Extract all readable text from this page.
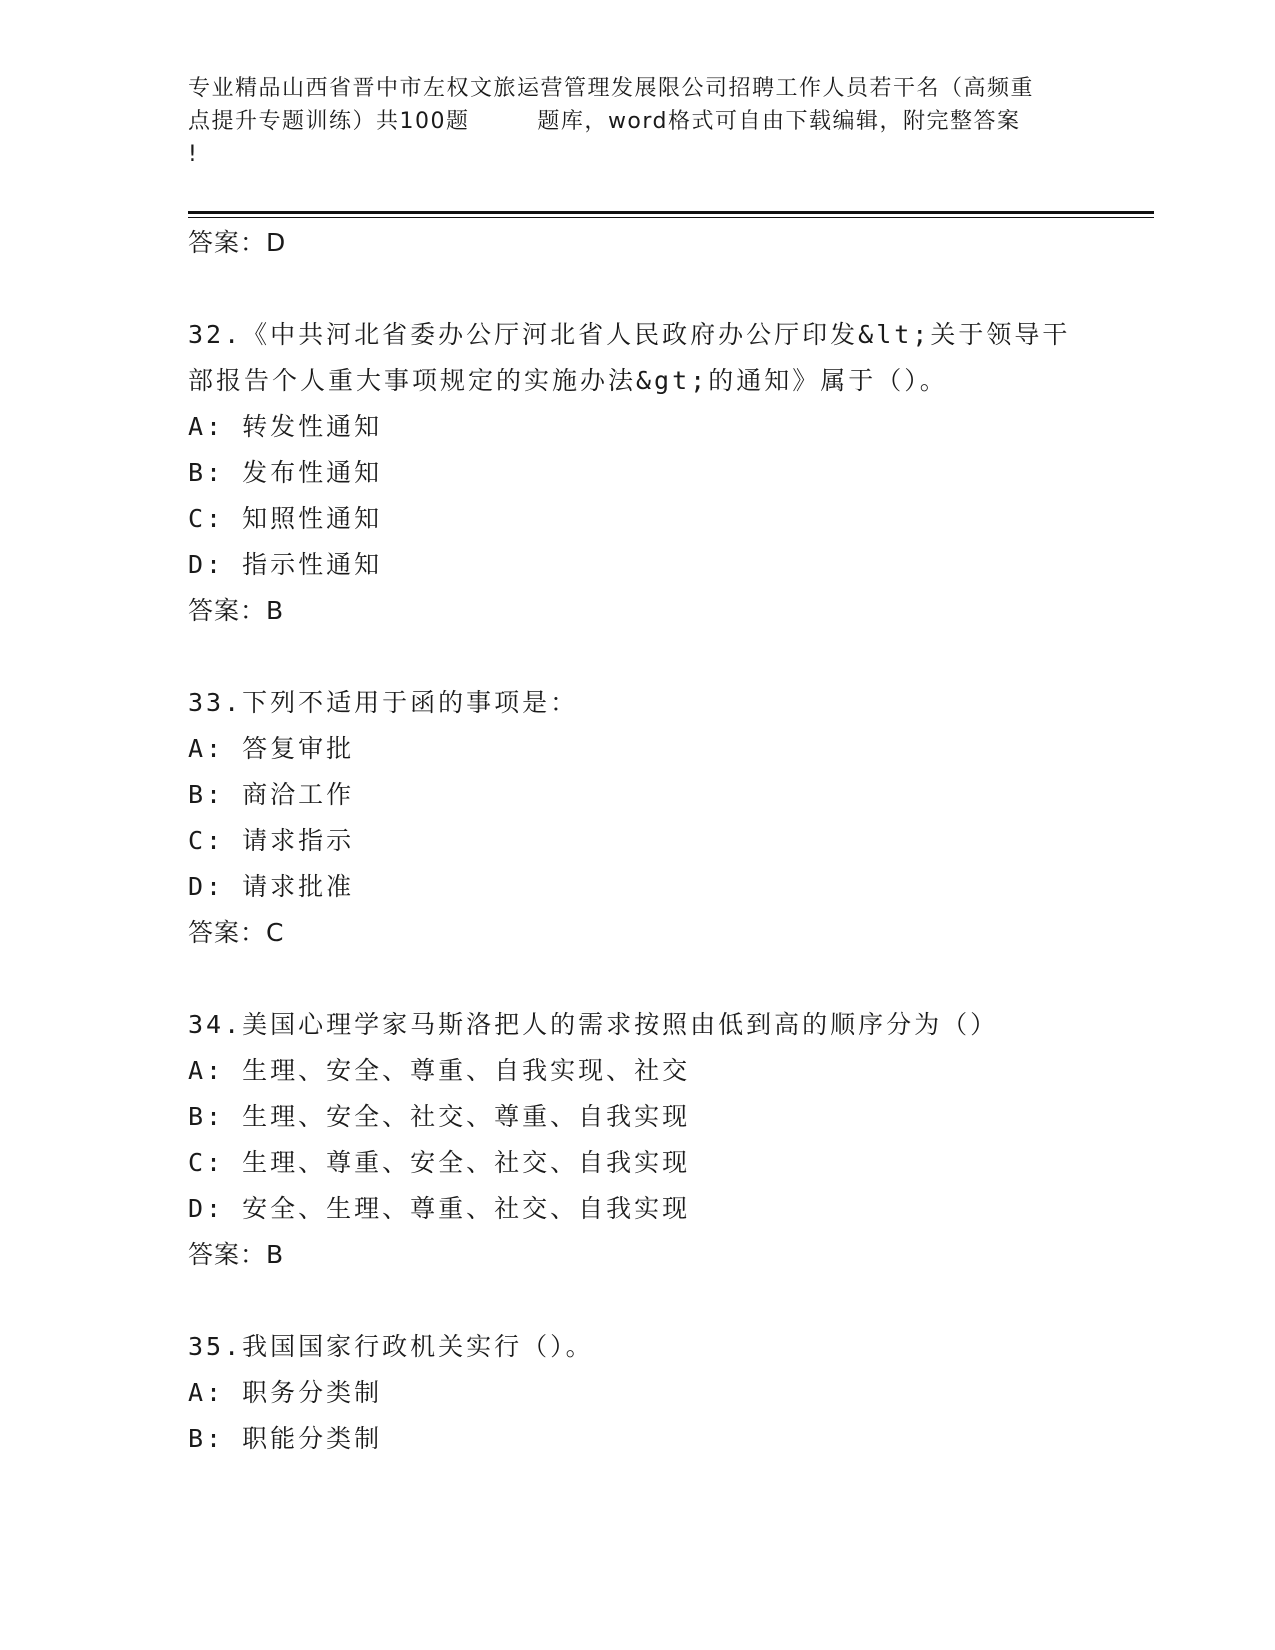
专业精品山西省晋中市左权文旅运营管理发展限公司招聘工作人员若干名（高频重
点提升专题训练）共100题        题库，word格式可自由下载编辑，附完整答案
!
答案：D
32.《中共河北省委办公厅河北省人民政府办公厅印发&lt;关于领导干
部报告个人重大事项规定的实施办法&gt;的通知》属于（）。
A: 转发性通知
B: 发布性通知
C: 知照性通知
D: 指示性通知
答案：B
33.下列不适用于函的事项是：
A: 答复审批
B: 商洽工作
C: 请求指示
D: 请求批准
答案：C
34.美国心理学家马斯洛把人的需求按照由低到高的顺序分为（）
A: 生理、安全、尊重、自我实现、社交
B: 生理、安全、社交、尊重、自我实现
C: 生理、尊重、安全、社交、自我实现
D: 安全、生理、尊重、社交、自我实现
答案：B
35.我国国家行政机关实行（）。
A: 职务分类制
B: 职能分类制
